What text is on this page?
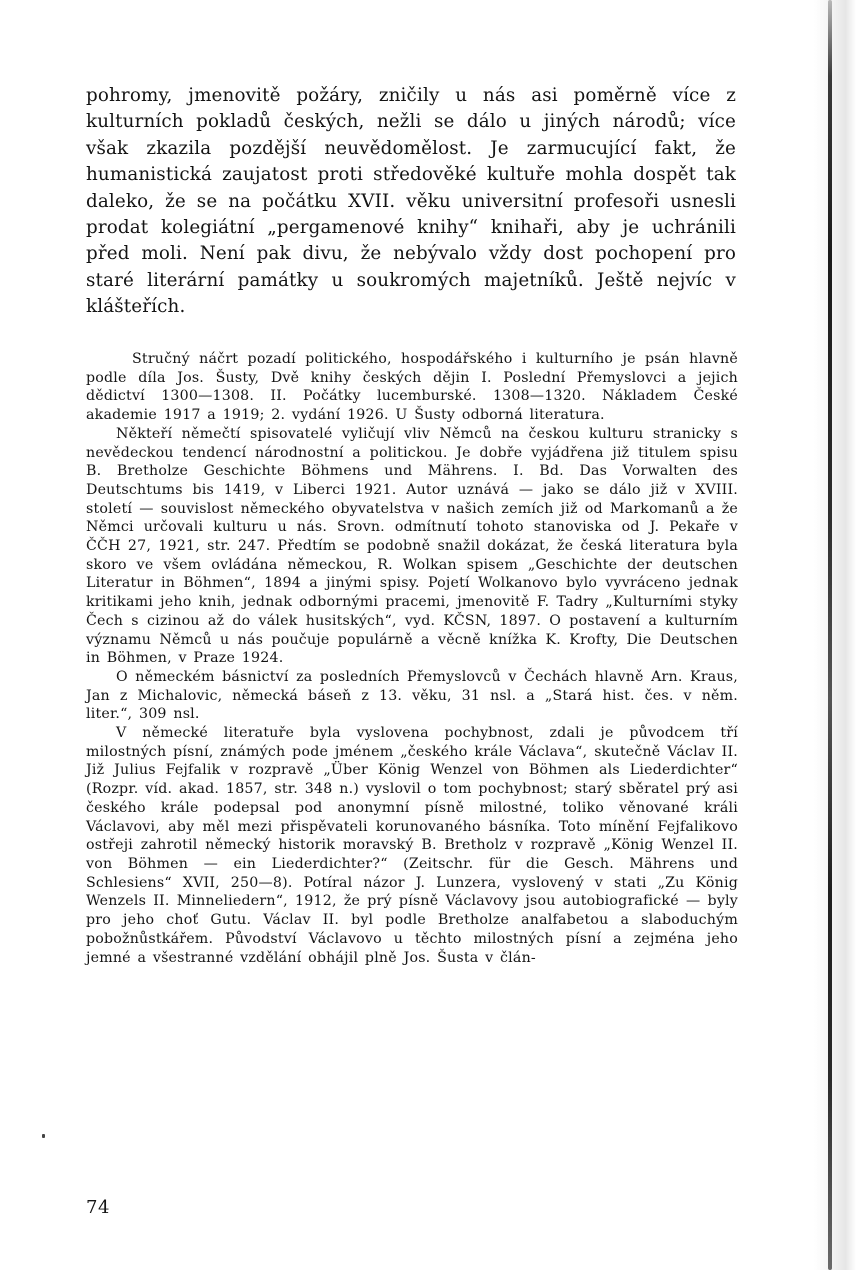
pohromy, jmenovitě požáry, zničily u nás asi poměrně více z kulturních pokladů českých, nežli se dálo u jiných národů; více však zkazila pozdější neuvědomělost. Je zarmucující fakt, že humanistická zaujatost proti středověké kultuře mohla dospět tak daleko, že se na počátku XVII. věku universitní profesoři usnesli prodat kolegiátní „pergamenové knihy“ knihaři, aby je uchránili před moli. Není pak divu, že nebývalo vždy dost pochopení pro staré literární památky u soukromých majetníků. Ještě nejvíc v klášteřích.

Stručný náčrt pozadí politického, hospodářského i kulturního je psán hlavně podle díla Jos. Šusty, Dvě knihy českých dějin I. Poslední Přemyslovci a jejich dědictví 1300—1308. II. Počátky lucemburské. 1308—1320. Nákladem České akademie 1917 a 1919; 2. vydání 1926. U Šusty odborná literatura.

Někteří němečtí spisovatelé vyličují vliv Němců na českou kulturu stranicky s nevědeckou tendencí národnostní a politickou. Je dobře vyjádřena již titulem spisu B. Bretholze Geschichte Böhmens und Mährens. I. Bd. Das Vorwalten des Deutschtums bis 1419, v Liberci 1921. Autor uznává — jako se dálo již v XVIII. století — souvislost německého obyvatelstva v našich zemích již od Markomanů a že Němci určovali kulturu u nás. Srovn. odmítnutí tohoto stanoviska od J. Pekaře v ČČH 27, 1921, str. 247. Předtím se podobně snažil dokázat, že česká literatura byla skoro ve všem ovládána německou, R. Wolkan spisem „Geschichte der deutschen Literatur in Böhmen“, 1894 a jinými spisy. Pojetí Wolkanovo bylo vyvráceno jednak kritikami jeho knih, jednak odbornými pracemi, jmenovitě F. Tadry „Kulturními styky Čech s cizinou až do válek husitských“, vyd. KČSN, 1897. O postavení a kulturním významu Němců u nás poučuje populárně a věcně knížka K. Krofty, Die Deutschen in Böhmen, v Praze 1924.

O německém básnictví za posledních Přemyslovců v Čechách hlavně Arn. Kraus, Jan z Michalovic, německá báseň z 13. věku, 31 nsl. a „Stará hist. čes. v něm. liter.“, 309 nsl.

V německé literatuře byla vyslovena pochybnost, zdali je původcem tří milostných písní, známých pode jménem „českého krále Václava“, skutečně Václav II. Již Julius Fejfalik v rozpravě „Über König Wenzel von Böhmen als Liederdichter“ (Rozpr. víd. akad. 1857, str. 348 n.) vyslovil o tom pochybnost; starý sběratel prý asi českého krále podepsal pod anonymní písně milostné, toliko věnované králi Václavovi, aby měl mezi přispěvateli korunovaného básníka. Toto mínění Fejfalikovo ostřeji zahrotil německý historik moravský B. Bretholz v rozpravě „König Wenzel II. von Böhmen — ein Liederdichter?“ (Zeitschr. für die Gesch. Mährens und Schlesiens“ XVII, 250—8). Potíral názor J. Lunzera, vyslovený v stati „Zu König Wenzels II. Minneliedern“, 1912, že prý písně Václavovy jsou autobiografické — byly pro jeho choť Gutu. Václav II. byl podle Bretholze analfabetou a slaboduchým pobožnůstkářem. Původství Václavovo u těchto milostných písní a zejména jeho jemné a všestranné vzdělání obhájil plně Jos. Šusta v člán-

74
